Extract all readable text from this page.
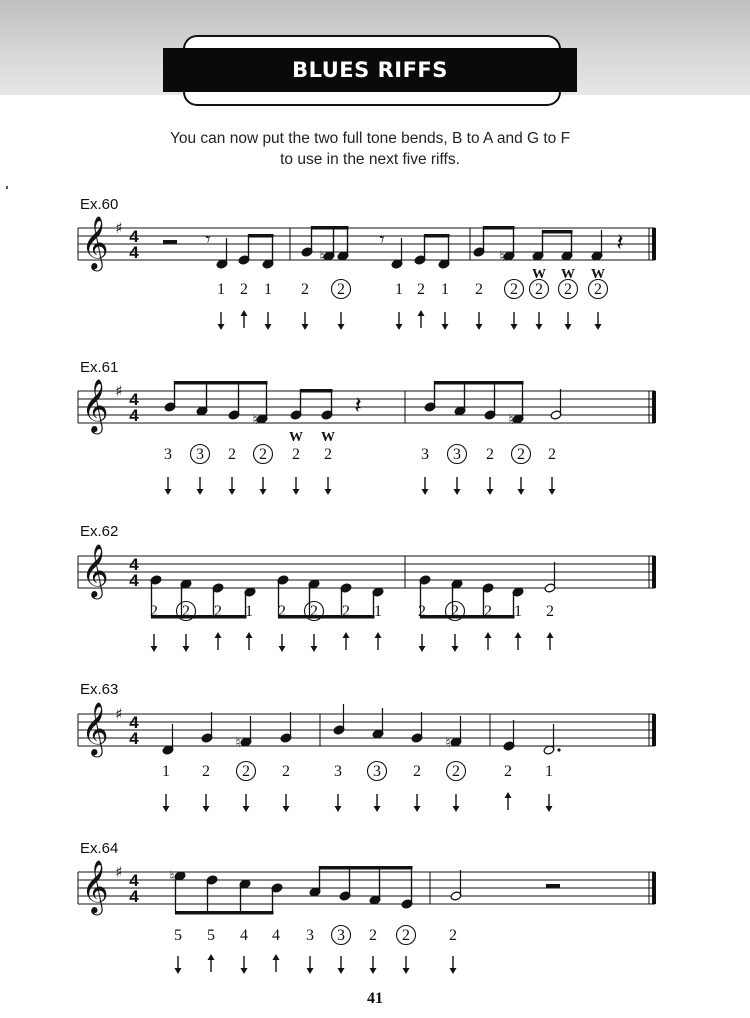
BLUES RIFFS
You can now put the two full tone bends, B to A and G to F
to use in the next five riffs.
Ex.60
𝄞 ♯ 4
4	♮	♮
𝄾	𝄾	𝄽
W W W
1 2 1 2 2	1 2 1 2 2 2 2 2
Ex.61
𝄞 ♯ 4
4	♮	♮
𝄽
W W
3 3 2 2 2 2	3 3 2 2 2
Ex.62
𝄞 4
4
2 2 2 1 2 2 2 1 2 2 2 1 2
Ex.63
𝄞 ♯ 4
4	♮	♮
1 2 2 2	3 3 2 2	2 1
Ex.64
𝄞 ♯ 4
4
♮
5 5 4 4 3 3 2 2 2
41
